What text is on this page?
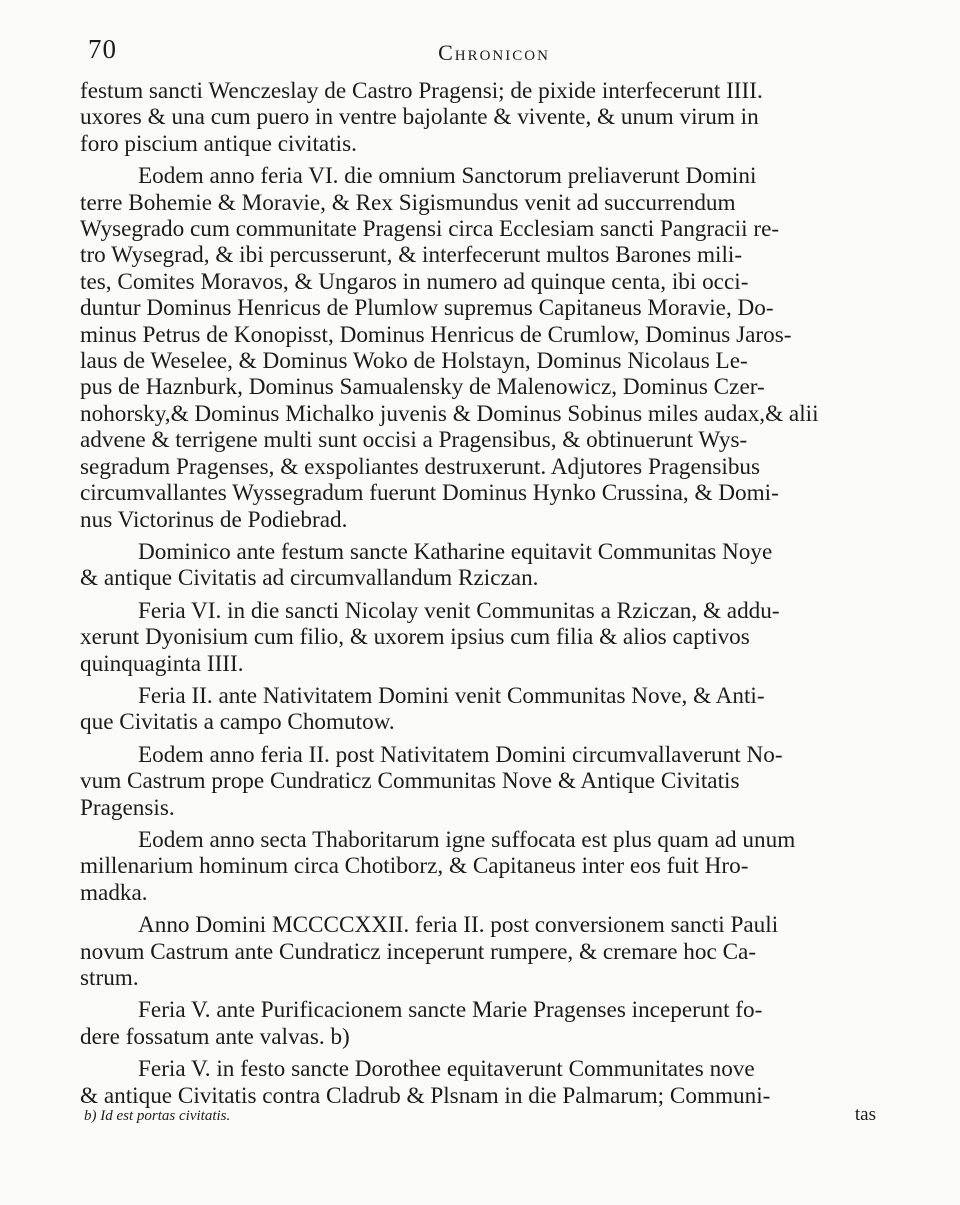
70	Chronicon
festum sancti Wenczeslay de Castro Pragensi; de pixide interfecerunt IIII.
uxores & una cum puero in ventre bajolante & vivente, & unum virum in
foro piscium antique civitatis.
Eodem anno feria VI. die omnium Sanctorum preliaverunt Domini
terre Bohemie & Moravie, & Rex Sigismundus venit ad succurrendum
Wysegrado cum communitate Pragensi circa Ecclesiam sancti Pangracii re-
tro Wysegrad, & ibi percusserunt, & interfecerunt multos Barones mili-
tes, Comites Moravos, & Ungaros in numero ad quinque centa, ibi occi-
duntur Dominus Henricus de Plumlow supremus Capitaneus Moravie, Do-
minus Petrus de Konopisst, Dominus Henricus de Crumlow, Dominus Jaros-
laus de Weselee, & Dominus Woko de Holstayn, Dominus Nicolaus Le-
pus de Haznburk, Dominus Samualensky de Malenowicz, Dominus Czer-
nohorsky,& Dominus Michalko juvenis & Dominus Sobinus miles audax,& alii
advene & terrigene multi sunt occisi a Pragensibus, & obtinuerunt Wys-
segradum Pragenses, & exspoliantes destruxerunt. Adjutores Pragensibus
circumvallantes Wyssegradum fuerunt Dominus Hynko Crussina, & Domi-
nus Victorinus de Podiebrad.
Dominico ante festum sancte Katharine equitavit Communitas Noye
& antique Civitatis ad circumvallandum Rziczan.
Feria VI. in die sancti Nicolay venit Communitas a Rziczan, & addu-
xerunt Dyonisium cum filio, & uxorem ipsius cum filia & alios captivos
quinquaginta IIII.
Feria II. ante Nativitatem Domini venit Communitas Nove, & Anti-
que Civitatis a campo Chomutow.
Eodem anno feria II. post Nativitatem Domini circumvallaverunt No-
vum Castrum prope Cundraticz Communitas Nove & Antique Civitatis
Pragensis.
Eodem anno secta Thaboritarum igne suffocata est plus quam ad unum
millenarium hominum circa Chotiborz, & Capitaneus inter eos fuit Hro-
madka.
Anno Domini MCCCCXXII. feria II. post conversionem sancti Pauli
novum Castrum ante Cundraticz inceperunt rumpere, & cremare hoc Ca-
strum.
Feria V. ante Purificacionem sancte Marie Pragenses inceperunt fo-
dere fossatum ante valvas. b)
Feria V. in festo sancte Dorothee equitaverunt Communitates nove
& antique Civitatis contra Cladrub & Plsnam in die Palmarum; Communi-
b) Id est portas civitatis.	tas
